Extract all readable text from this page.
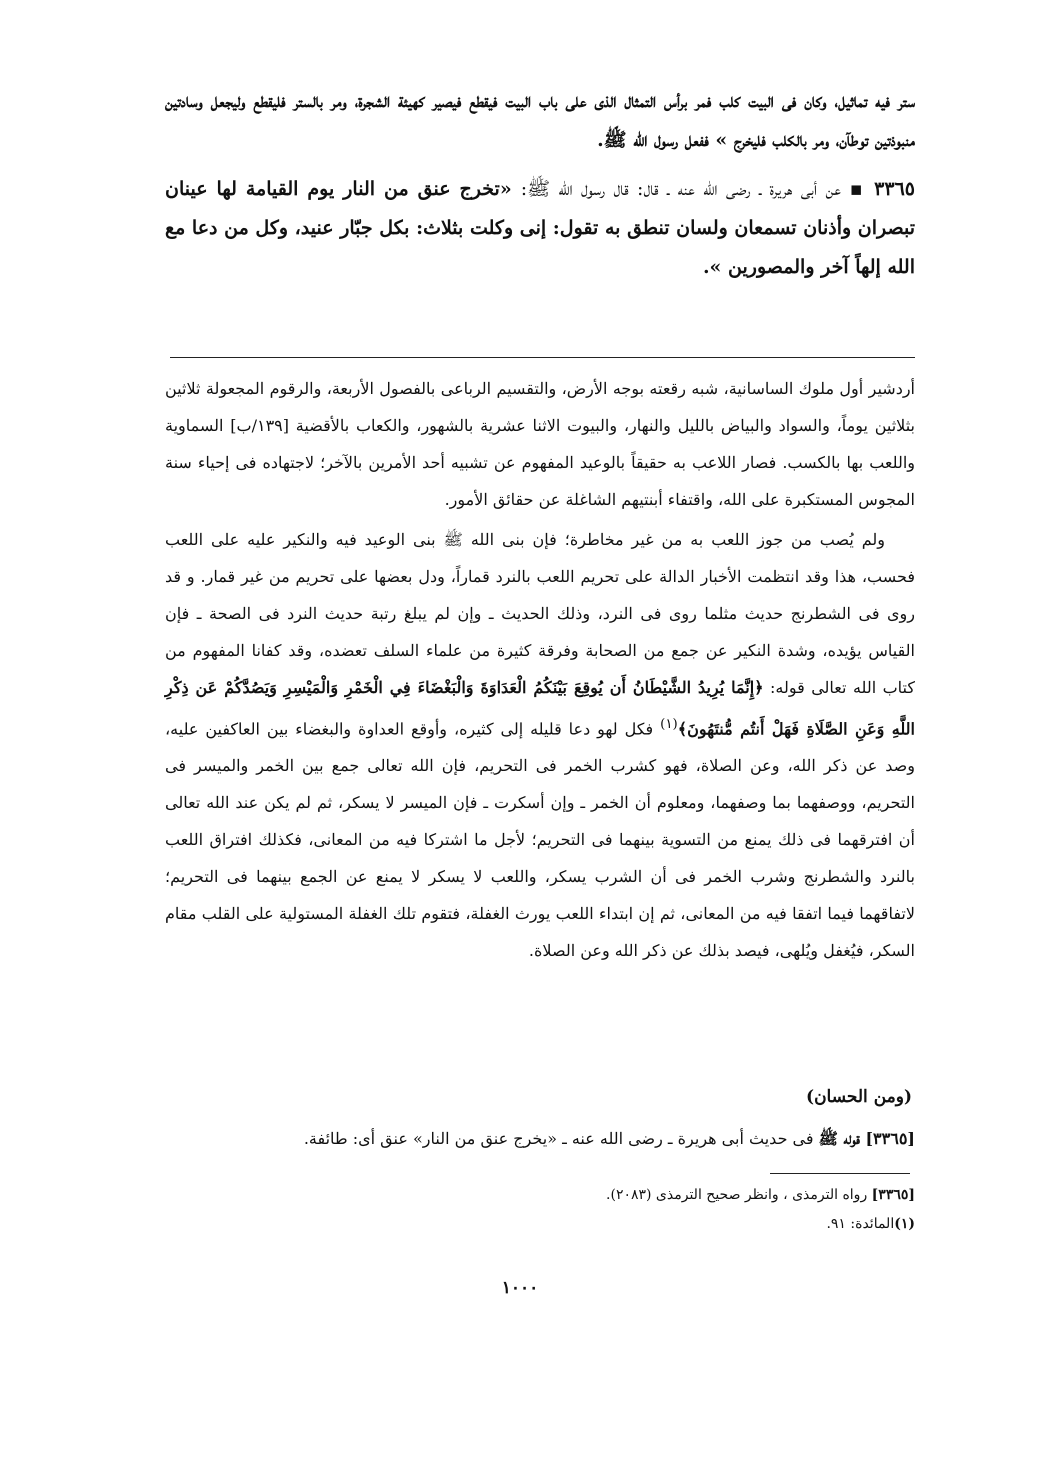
ستر فيه تماثيل، وكان فى البيت كلب فمر برأس التمثال الذى على باب البيت فيقطع فيصير كهيئة الشجرة، ومر بالستر فليقطع وليجعل وسادتين منبوذتين توطآن، ومر بالكلب فليخرج » ففعل رسول الله ﷺ.

٣٣٦٥ ▪ عن أبى هريرة ـ رضى الله عنه ـ قال: قال رسول الله ﷺ: «تخرج عنق من النار يوم القيامة لها عينان تبصران وأذنان تسمعان ولسان تنطق به تقول: إنى وكلت بثلاث: بكل جبّار عنيد، وكل من دعا مع الله إلهاً آخر والمصورين ».

أردشير أول ملوك الساسانية، شبه رقعته بوجه الأرض، والتقسيم الرباعى بالفصول الأربعة، والرقوم المجعولة ثلاثين بثلاثين يوماً، والسواد والبياض بالليل والنهار، والبيوت الاثنا عشرية بالشهور، والكعاب بالأقضية [١٣٩/ب] السماوية واللعب بها بالكسب. فصار اللاعب به حقيقاً بالوعيد المفهوم عن تشبيه أحد الأمرين بالآخر؛ لاجتهاده فى إحياء سنة المجوس المستكبرة على الله، واقتفاء أبنتيهم الشاغلة عن حقائق الأمور.

ولم يُصب من جوز اللعب به من غير مخاطرة؛ فإن بنى الله ﷺ بنى الوعيد فيه والنكير عليه على اللعب فحسب، هذا وقد انتظمت الأخبار الدالة على تحريم اللعب بالنرد قماراً، ودل بعضها على تحريم من غير قمار. و قد روى فى الشطرنج حديث مثلما روى فى النرد، وذلك الحديث ـ وإن لم يبلغ رتبة حديث النرد فى الصحة ـ فإن القياس يؤيده، وشدة النكير عن جمع من الصحابة وفرقة كثيرة من علماء السلف تعضده، وقد كفانا المفهوم من كتاب الله تعالى قوله: ﴿إِنَّمَا يُرِيدُ الشَّيْطَانُ أَن يُوقِعَ بَيْنَكُمُ الْعَدَاوَةَ وَالْبَغْضَاءَ فِي الْخَمْرِ وَالْمَيْسِرِ وَيَصُدَّكُمْ عَن ذِكْرِ اللَّهِ وَعَنِ الصَّلَاةِ فَهَلْ أَنتُم مُّنتَهُونَ﴾$^{(١)}$ فكل لهو دعا قليله إلى كثيره، وأوقع العداوة والبغضاء بين العاكفين عليه، وصد عن ذكر الله، وعن الصلاة، فهو كشرب الخمر فى التحريم، فإن الله تعالى جمع بين الخمر والميسر فى التحريم، ووصفهما بما وصفهما، ومعلوم أن الخمر ـ وإن أسكرت ـ فإن الميسر لا يسكر، ثم لم يكن عند الله تعالى أن افترقهما فى ذلك يمنع من التسوية بينهما فى التحريم؛ لأجل ما اشتركا فيه من المعانى، فكذلك افتراق اللعب بالنرد والشطرنج وشرب الخمر فى أن الشرب يسكر، واللعب لا يسكر لا يمنع عن الجمع بينهما فى التحريم؛ لاتفاقهما فيما اتفقا فيه من المعانى، ثم إن ابتداء اللعب يورث الغفلة، فتقوم تلك الغفلة المستولية على القلب مقام السكر، فيُغفل ويُلهى، فيصد بذلك عن ذكر الله وعن الصلاة.

(ومن الحسان)
[٣٣٦٥] قوله ﷺ فى حديث أبى هريرة ـ رضى الله عنه ـ «يخرج عنق من النار» عنق أى: طائفة.

[٣٣٦٥] رواه الترمذى ، وانظر صحيح الترمذى (٢٠٨٣).

(١)المائدة: ٩١.

١٠٠٠
